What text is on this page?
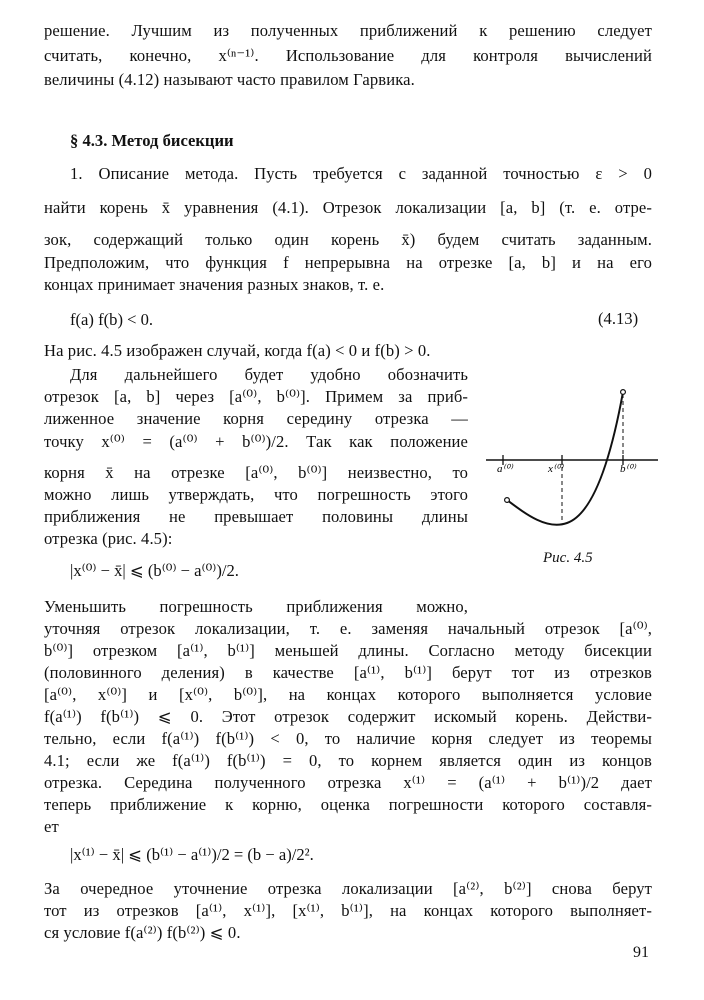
решение. Лучшим из полученных приближений к решению следует
считать, конечно, x⁽ⁿ⁻¹⁾. Использование для контроля вычислений
величины (4.12) называют часто правилом Гарвика.
§ 4.3. Метод бисекции
1. Описание метода. Пусть требуется с заданной точностью ε > 0
найти корень x̄ уравнения (4.1). Отрезок локализации [a, b] (т. е. отре-
зок, содержащий только один корень x̄) будем считать заданным.
Предположим, что функция f непрерывна на отрезке [a, b] и на его
концах принимает значения разных знаков, т. е.
f(a) f(b) < 0.	(4.13)
На рис. 4.5 изображен случай, когда f(a) < 0 и f(b) > 0.
Для дальнейшего будет удобно обозначить
отрезок [a, b] через [a⁽⁰⁾, b⁽⁰⁾]. Примем за приб-
лиженное значение корня середину отрезка —
точку x⁽⁰⁾ = (a⁽⁰⁾ + b⁽⁰⁾)/2. Так как положение
корня x̄ на отрезке [a⁽⁰⁾, b⁽⁰⁾] неизвестно, то
можно лишь утверждать, что погрешность этого
приближения не превышает половины длины
отрезка (рис. 4.5):
|x⁽⁰⁾ − x̄| ⩽ (b⁽⁰⁾ − a⁽⁰⁾)/2.
Уменьшить погрешность приближения можно,
уточняя отрезок локализации, т. е. заменяя начальный отрезок [a⁽⁰⁾,
b⁽⁰⁾] отрезком [a⁽¹⁾, b⁽¹⁾] меньшей длины. Согласно методу бисекции
(половинного деления) в качестве [a⁽¹⁾, b⁽¹⁾] берут тот из отрезков
[a⁽⁰⁾, x⁽⁰⁾] и [x⁽⁰⁾, b⁽⁰⁾], на концах которого выполняется условие
f(a⁽¹⁾) f(b⁽¹⁾) ⩽ 0. Этот отрезок содержит искомый корень. Действи-
тельно, если f(a⁽¹⁾) f(b⁽¹⁾) < 0, то наличие корня следует из теоремы
4.1; если же f(a⁽¹⁾) f(b⁽¹⁾) = 0, то корнем является один из концов
отрезка. Середина полученного отрезка x⁽¹⁾ = (a⁽¹⁾ + b⁽¹⁾)/2 дает
теперь приближение к корню, оценка погрешности которого составля-
ет
|x⁽¹⁾ − x̄| ⩽ (b⁽¹⁾ − a⁽¹⁾)/2 = (b − a)/2².
За очередное уточнение отрезка локализации [a⁽²⁾, b⁽²⁾] снова берут
тот из отрезков [a⁽¹⁾, x⁽¹⁾], [x⁽¹⁾, b⁽¹⁾], на концах которого выполняет-
ся условие f(a⁽²⁾) f(b⁽²⁾) ⩽ 0.
a⁽⁰⁾	x⁽⁰⁾	b⁽⁰⁾
Рис. 4.5
91
